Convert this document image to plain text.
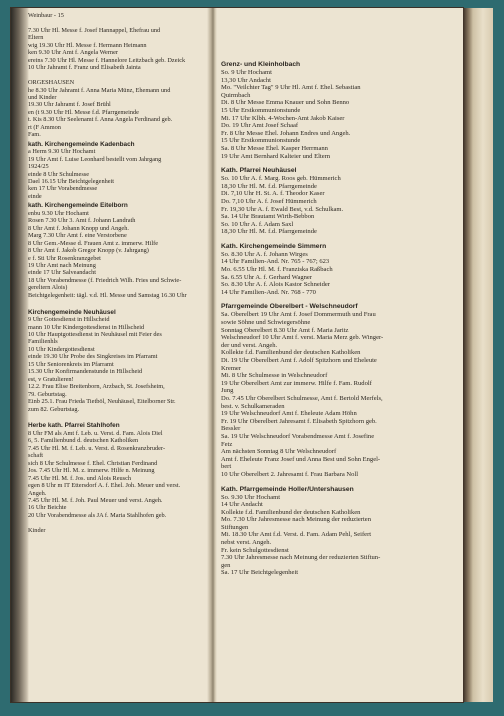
Weinbaur - 15

7.30 Uhr Hl. Messe f. Josef Hannappel, Ehefrau und
Eltern
wig 19.30 Uhr Hl. Messe f. Hermann Heimann
ken 9.30 Uhr Amt f. Angela Werner
ereins 7.30 Uhr Hl. Messe f. Hannelore Leitzbach geb. Dzeick
10 Uhr Jahramt f. Franz und Elisabeth Jainta

ORGESHAUSEN
he 8.30 Uhr Jahramt f. Anna Maria Münz, Ehemann und
und Kinder
19.30 Uhr Jahramt f. Josef Brühl
en (t 9.30 Uhr Hl. Messe f.d. Pfarrgemeinde
t. Kis 8.30 Uhr Seelenamt f. Anna Angela Ferdinand geb.
rt (F Ammon
Fam.
kath. Kirchengemeinde Kadenbach
a Herm 9.30 Uhr Hochamt
19 Uhr Amt f. Luise Leonhard bestellt vom Jahrgang
1924/25
einde 8 Uhr Schulmesse
Dael 16.15 Uhr Beichtgelegenheit
ken 17 Uhr Vorabendmesse
einde
kath. Kirchengemeinde Eitelborn
enbu 9.30 Uhr Hochamt
Rosen 7.30 Uhr 3. Amt f. Johann Landrath
8 Uhr Amt f. Johann Knopp und Angeh.
Marg 7.30 Uhr Amt f. eine Verstorbene
8 Uhr Gem.-Messe d. Frauen Amt z. immerw. Hilfe
8 Uhr Amt f. Jakob Gregor Knopp (v. Jahrgang)
e f. Sti Uhr Rosenkranzgebet
19 Uhr Amt nach Meinung
einde 17 Uhr Salveandacht
18 Uhr Vorabendmesse (f. Friedrich Wilh. Fries und Schwie-
gereltern Alois)
Beichtgelegenheit: tägl. v.d. Hl. Messe und Samstag 16.30 Uhr

Kirchengemeinde Neuhäusel
9 Uhr Gottesdienst in Hillscheid
mann 10 Uhr Kindergottesdienst in Hillscheid
10 Uhr Hauptgottesdienst in Neuhäusel mit Feier des
Familienhls
10 Uhr Kindergottesdienst
einde 19.30 Uhr Probe des Singkreises im Pfarramt
15 Uhr Seniorenkreis im Pfarramt
15.30 Uhr Konfirmandenstunde in Hillscheid
est, v Gratulieren!
12.2. Frau Elise Breitenborn, Arzbach, St. Josefsheim,
79. Geburtstag.
Einb 25.1. Frau Frieda Tietböl, Neuhäusel, Eitelborner Str.
zum 82. Geburtstag.

Herbe kath. Pfarrei Stahlhofen
8 Uhr FM als Amt f. Leb. u. Verst. d. Fam. Alois Diel
6, 5. Familienbund d. deutschen Katholiken
7.45 Uhr Hl. M. f. Leb. u. Verst. d. Rosenkranzbruder-
schaft
sich 8 Uhr Schulmesse f. Ehel. Christian Ferdinand
Jos. 7.45 Uhr Hl. M. z. immerw. Hilfe n. Meinung
7.45 Uhr Hl. M. f. Jos. und Alois Reusch
egen 8 Uhr m IT Ettersdorf A. f. Ehel. Joh. Meuer und verst.
Angeh.
7.45 Uhr Hl. M. f. Joh. Paul Meuer und verst. Angeh.
16 Uhr Beichte
20 Uhr Vorabendmesse als JA f. Maria Stahlhofen geb.

Kinder
Grenz- und Kleinholbach
So. 9 Uhr Hochamt
13,30 Uhr Andacht
Mo. "Veilchter Tag" 9 Uhr Hl. Amt f. Ehel. Sebastian
Quirmbach
Di. 8 Uhr Messe Emma Knauer und Sohn Benno
15 Uhr Erstkommunionstunde
Mi. 17 Uhr Klbh. 4-Wochen-Amt Jakob Kaiser
Do. 19 Uhr Amt Josef Schaaf
Fr. 8 Uhr Messe Ehel. Johann Endres und Angeh.
15 Uhr Erstkommunionstunde
Sa. 8 Uhr Messe Ehel. Kasper Herrmann
19 Uhr Amt Bernhard Kalteier und Eltern
Kath. Pfarrei Neuhäusel
So. 10 Uhr A. f. Marg. Roos geb. Hümmerich
18,30 Uhr Hl. M. f.d. Pfarrgemeinde
Di. 7,10 Uhr H. St. A. f. Theodor Kaser
Do. 7,10 Uhr A. f. Josef Hümmerich
Fr. 19,30 Uhr A. f. Ewald Best, v.d. Schulkam.
Sa. 14 Uhr Brautamt Wirth-Bebbon
So. 10 Uhr A. f. Adam Saxl
18,30 Uhr Hl. M. f.d. Pfarrgemeinde
Kath. Kirchengemeinde Simmern
So. 8.30 Uhr A. f. Johann Wirges
14 Uhr Familien-And. Nr. 765 - 767; 623
Mo. 6.55 Uhr Hl. M. f. Franziska Raßbach
Sa. 6.55 Uhr A. f. Gerhard Wagner
So. 8.30 Uhr A. f. Alois Kastor Schneider
14 Uhr Familien-And. Nr. 768 - 770
Pfarrgemeinde Oberelbert - Welschneudorf
Sa. Oberelbert 19 Uhr Amt f. Josef Dommermuth und Frau
sowie Söhne und Schwiegersöhne
Sonntag Oberelbert 8.30 Uhr Amt f. Maria Jaritz
Welschneudorf 10 Uhr Amt f. verst. Maria Merz geb. Winger-
der und verst. Angeh.
Kollekte f.d. Familienbund der deutschen Katholiken
Di. 19 Uhr Oberelbert Amt f. Adolf Spitzhorn und Eheleute
Kremer
Mi. 8 Uhr Schulmesse in Welschneudorf
19 Uhr Oberelbert Amt zur immerw. Hilfe f. Fam. Rudolf
Jung
Do. 7.45 Uhr Oberelbert Schulmesse, Amt f. Bertold Merfels,
best. v. Schulkameraden
19 Uhr Welschneudorf Amt f. Eheleute Adam Höhn
Fr. 19 Uhr Oberelbert Jahresamt f. Elisabeth Spitzhorn geb.
Bessler
Sa. 19 Uhr Welschneudorf Vorabendmesse Amt f. Josefine
Fetz
Am nächsten Sonntag 8 Uhr Welschneudorf
Amt f. Eheleute Franz Josef und Anna Best und Sohn Engel-
bert
10 Uhr Oberelbert 2. Jahresamt f. Frau Barbara Noll
Kath. Pfarrgemeinde Holler/Untershausen
So. 9.30 Uhr Hochamt
14 Uhr Andacht
Kollekte f.d. Familienbund der deutschen Katholiken
Mo. 7.30 Uhr Jahresmesse nach Meinung der reduzierten
Stiftungen
Mi. 18.30 Uhr Amt f.d. Verst. d. Fam. Adam Pehl, Seifert
nebst verst. Angeh.
Fr. kein Schulgottesdienst
7.30 Uhr Jahresmesse nach Meinung der reduzierten Stiftun-
gen
Sa. 17 Uhr Beichtgelegenheit
